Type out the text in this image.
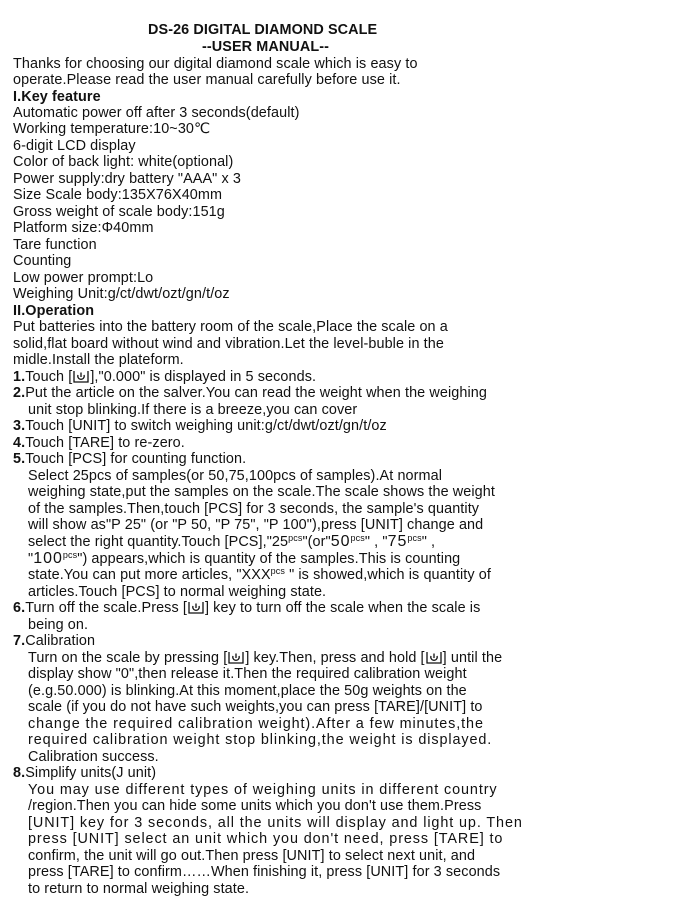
DS-26 DIGITAL DIAMOND SCALE
--USER MANUAL--
Thanks for choosing our digital diamond scale which is easy to
operate.Please read the user manual carefully before use it.
I.Key feature
Automatic power off after 3 seconds(default)
Working temperature:10~30℃
6-digit LCD display
Color of back light: white(optional)
Power supply:dry battery "AAA" x 3
Size Scale body:135X76X40mm
Gross weight of scale body:151g
Platform size:Φ40mm
Tare function
Counting
Low power prompt:Lo
Weighing Unit:g/ct/dwt/ozt/gn/t/oz
II.Operation
Put batteries into the battery room of the scale,Place the scale on a
solid,flat board without wind and vibration.Let the level-buble in the
midle.Install the plateform.
1.Touch [ ],"0.000" is displayed in 5 seconds.
2.Put the article on the salver.You can read the weight when the weighing
unit stop blinking.If there is a breeze,you can cover
3.Touch [UNIT] to switch weighing unit:g/ct/dwt/ozt/gn/t/oz
4.Touch [TARE] to re-zero.
5.Touch [PCS] for counting function.
Select 25pcs of samples(or 50,75,100pcs of samples).At normal
weighing state,put the samples on the scale.The scale shows the weight
of the samples.Then,touch [PCS] for 3 seconds, the sample's quantity
will show as"P 25" (or "P 50, "P 75", "P 100"),press [UNIT] change and
select the right quantity.Touch $[PCS],"25^{pcs}"(or"50^{pcs}$" , "$75^{pcs}$" ,
"$100^{pcs}$") appears,which is quantity of the samples.This is counting
state.You can put more articles, "$XXX^{pcs}$ " is showed,which is quantity of
articles.Touch [PCS] to normal weighing state.
6.Turn off the scale.Press [ ] key to turn off the scale when the scale is
being on.
7.Calibration
Turn on the scale by pressing [ ] key.Then, press and hold [ ] until the
display show "0",then release it.Then the required calibration weight
(e.g.50.000) is blinking.At this moment,place the 50g weights on the
scale (if you do not have such weights,you can press [TARE]/[UNIT] to
change the required calibration weight).After a few minutes,the
required calibration weight stop blinking,the weight is displayed.
Calibration success.
8.Simplify units(J unit)
You may use different types of weighing units in different country
/region.Then you can hide some units which you don't use them.Press
[UNIT] key for 3 seconds, all the units will display and light up. Then
press [UNIT] select an unit which you don't need, press [TARE] to
confirm, the unit will go out.Then press [UNIT] to select next unit, and
press [TARE] to confirm……When finishing it, press [UNIT] for 3 seconds
to return to normal weighing state.
